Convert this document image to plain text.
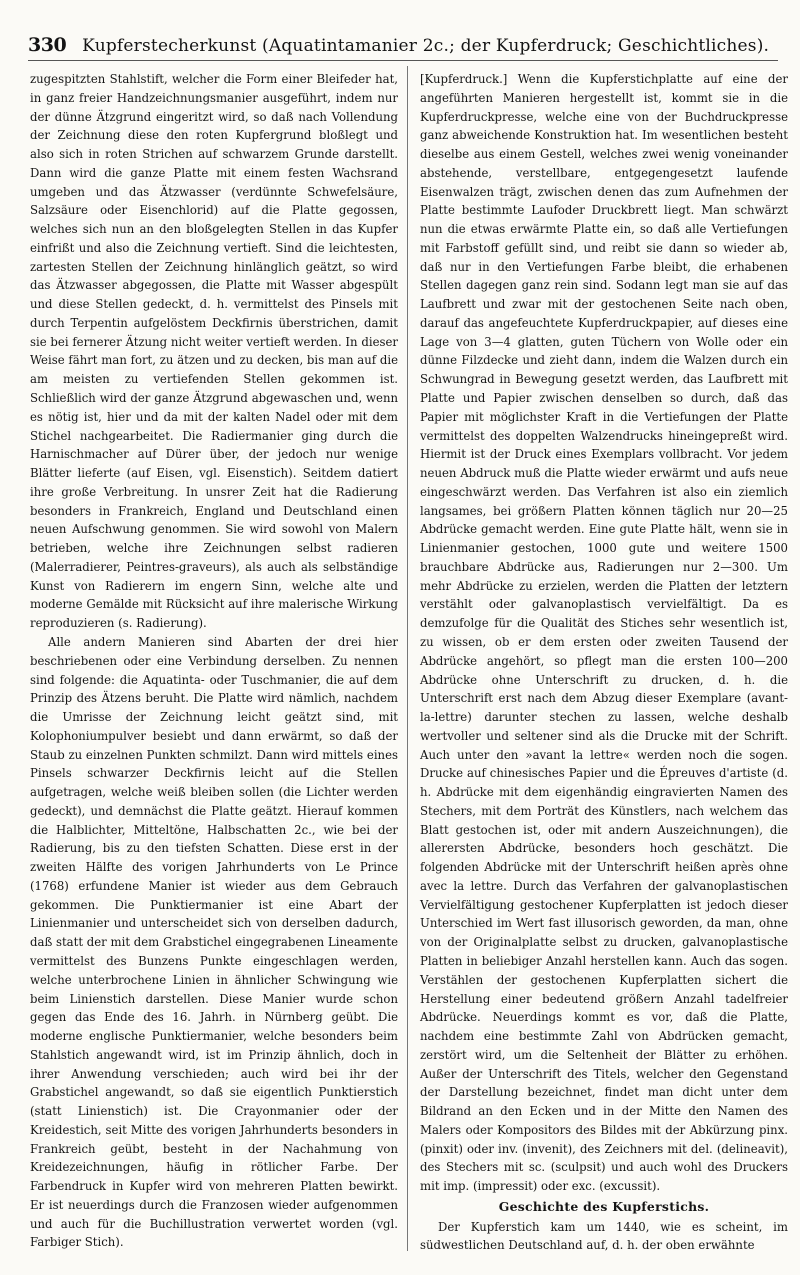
330 Kupferstecherkunst (Aquatintamanier 2c.; der Kupferdruck; Geschichtliches).

zugespitzten Stahlstift, welcher die Form einer Bleifeder hat, in ganz freier Handzeichnungsmanier ausgeführt, indem nur der dünne Ätzgrund eingeritzt wird, so daß nach Vollendung der Zeichnung diese den roten Kupfergrund bloßlegt und also sich in roten Strichen auf schwarzem Grunde darstellt. Dann wird die ganze Platte mit einem festen Wachsrand umgeben und das Ätzwasser (verdünnte Schwefelsäure, Salzsäure oder Eisenchlorid) auf die Platte gegossen, welches sich nun an den bloßgelegten Stellen in das Kupfer einfrißt und also die Zeichnung vertieft. Sind die leichtesten, zartesten Stellen der Zeichnung hinlänglich geätzt, so wird das Ätzwasser abgegossen, die Platte mit Wasser abgespült und diese Stellen gedeckt, d. h. vermittelst des Pinsels mit durch Terpentin aufgelöstem Deckfirnis überstrichen, damit sie bei fernerer Ätzung nicht weiter vertieft werden. In dieser Weise fährt man fort, zu ätzen und zu decken, bis man auf die am meisten zu vertiefenden Stellen gekommen ist. Schließlich wird der ganze Ätzgrund abgewaschen und, wenn es nötig ist, hier und da mit der kalten Nadel oder mit dem Stichel nachgearbeitet. Die Radiermanier ging durch die Harnischmacher auf Dürer über, der jedoch nur wenige Blätter lieferte (auf Eisen, vgl. Eisenstich). Seitdem datiert ihre große Verbreitung. In unsrer Zeit hat die Radierung besonders in Frankreich, England und Deutschland einen neuen Aufschwung genommen. Sie wird sowohl von Malern betrieben, welche ihre Zeichnungen selbst radieren (Malerradierer, Peintres-graveurs), als auch als selbständige Kunst von Radierern im engern Sinn, welche alte und moderne Gemälde mit Rücksicht auf ihre malerische Wirkung reproduzieren (s. Radierung).

Alle andern Manieren sind Abarten der drei hier beschriebenen oder eine Verbindung derselben. Zu nennen sind folgende: die Aquatinta- oder Tuschmanier, die auf dem Prinzip des Ätzens beruht. Die Platte wird nämlich, nachdem die Umrisse der Zeichnung leicht geätzt sind, mit Kolophoniumpulver besiebt und dann erwärmt, so daß der Staub zu einzelnen Punkten schmilzt. Dann wird mittels eines Pinsels schwarzer Deckfirnis leicht auf die Stellen aufgetragen, welche weiß bleiben sollen (die Lichter werden gedeckt), und demnächst die Platte geätzt. Hierauf kommen die Halblichter, Mitteltöne, Halbschatten 2c., wie bei der Radierung, bis zu den tiefsten Schatten. Diese erst in der zweiten Hälfte des vorigen Jahrhunderts von Le Prince (1768) erfundene Manier ist wieder aus dem Gebrauch gekommen. Die Punktiermanier ist eine Abart der Linienmanier und unterscheidet sich von derselben dadurch, daß statt der mit dem Grabstichel eingegrabenen Lineamente vermittelst des Bunzens Punkte eingeschlagen werden, welche unterbrochene Linien in ähnlicher Schwingung wie beim Linienstich darstellen. Diese Manier wurde schon gegen das Ende des 16. Jahrh. in Nürnberg geübt. Die moderne englische Punktiermanier, welche besonders beim Stahlstich angewandt wird, ist im Prinzip ähnlich, doch in ihrer Anwendung verschieden; auch wird bei ihr der Grabstichel angewandt, so daß sie eigentlich Punktierstich (statt Linienstich) ist. Die Crayonmanier oder der Kreidestich, seit Mitte des vorigen Jahrhunderts besonders in Frankreich geübt, besteht in der Nachahmung von Kreidezeichnungen, häufig in rötlicher Farbe. Der Farbendruck in Kupfer wird von mehreren Platten bewirkt. Er ist neuerdings durch die Franzosen wieder aufgenommen und auch für die Buchillustration verwertet worden (vgl. Farbiger Stich).

[Kupferdruck.] Wenn die Kupferstichplatte auf eine der angeführten Manieren hergestellt ist, kommt sie in die Kupferdruckpresse, welche eine von der Buchdruckpresse ganz abweichende Konstruktion hat. Im wesentlichen besteht dieselbe aus einem Gestell, welches zwei wenig voneinander abstehende, verstellbare, entgegengesetzt laufende Eisenwalzen trägt, zwischen denen das zum Aufnehmen der Platte bestimmte Laufoder Druckbrett liegt. Man schwärzt nun die etwas erwärmte Platte ein, so daß alle Vertiefungen mit Farbstoff gefüllt sind, und reibt sie dann so wieder ab, daß nur in den Vertiefungen Farbe bleibt, die erhabenen Stellen dagegen ganz rein sind. Sodann legt man sie auf das Laufbrett und zwar mit der gestochenen Seite nach oben, darauf das angefeuchtete Kupferdruckpapier, auf dieses eine Lage von 3—4 glatten, guten Tüchern von Wolle oder ein dünne Filzdecke und zieht dann, indem die Walzen durch ein Schwungrad in Bewegung gesetzt werden, das Laufbrett mit Platte und Papier zwischen denselben so durch, daß das Papier mit möglichster Kraft in die Vertiefungen der Platte vermittelst des doppelten Walzendrucks hineingepreßt wird. Hiermit ist der Druck eines Exemplars vollbracht. Vor jedem neuen Abdruck muß die Platte wieder erwärmt und aufs neue eingeschwärzt werden. Das Verfahren ist also ein ziemlich langsames, bei größern Platten können täglich nur 20—25 Abdrücke gemacht werden. Eine gute Platte hält, wenn sie in Linienmanier gestochen, 1000 gute und weitere 1500 brauchbare Abdrücke aus, Radierungen nur 2—300. Um mehr Abdrücke zu erzielen, werden die Platten der letztern verstählt oder galvanoplastisch vervielfältigt. Da es demzufolge für die Qualität des Stiches sehr wesentlich ist, zu wissen, ob er dem ersten oder zweiten Tausend der Abdrücke angehört, so pflegt man die ersten 100—200 Abdrücke ohne Unterschrift zu drucken, d. h. die Unterschrift erst nach dem Abzug dieser Exemplare (avant-la-lettre) darunter stechen zu lassen, welche deshalb wertvoller und seltener sind als die Drucke mit der Schrift. Auch unter den »avant la lettre« werden noch die sogen. Drucke auf chinesisches Papier und die Épreuves d'artiste (d. h. Abdrücke mit dem eigenhändig eingravierten Namen des Stechers, mit dem Porträt des Künstlers, nach welchem das Blatt gestochen ist, oder mit andern Auszeichnungen), die allerersten Abdrücke, besonders hoch geschätzt. Die folgenden Abdrücke mit der Unterschrift heißen après ohne avec la lettre. Durch das Verfahren der galvanoplastischen Vervielfältigung gestochener Kupferplatten ist jedoch dieser Unterschied im Wert fast illusorisch geworden, da man, ohne von der Originalplatte selbst zu drucken, galvanoplastische Platten in beliebiger Anzahl herstellen kann. Auch das sogen. Verstählen der gestochenen Kupferplatten sichert die Herstellung einer bedeutend größern Anzahl tadelfreier Abdrücke. Neuerdings kommt es vor, daß die Platte, nachdem eine bestimmte Zahl von Abdrücken gemacht, zerstört wird, um die Seltenheit der Blätter zu erhöhen. Außer der Unterschrift des Titels, welcher den Gegenstand der Darstellung bezeichnet, findet man dicht unter dem Bildrand an den Ecken und in der Mitte den Namen des Malers oder Kompositors des Bildes mit der Abkürzung pinx. (pinxit) oder inv. (invenit), des Zeichners mit del. (delineavit), des Stechers mit sc. (sculpsit) und auch wohl des Druckers mit imp. (impressit) oder exc. (excussit).

Geschichte des Kupferstichs.

Der Kupferstich kam um 1440, wie es scheint, im südwestlichen Deutschland auf, d. h. der oben erwähnte
